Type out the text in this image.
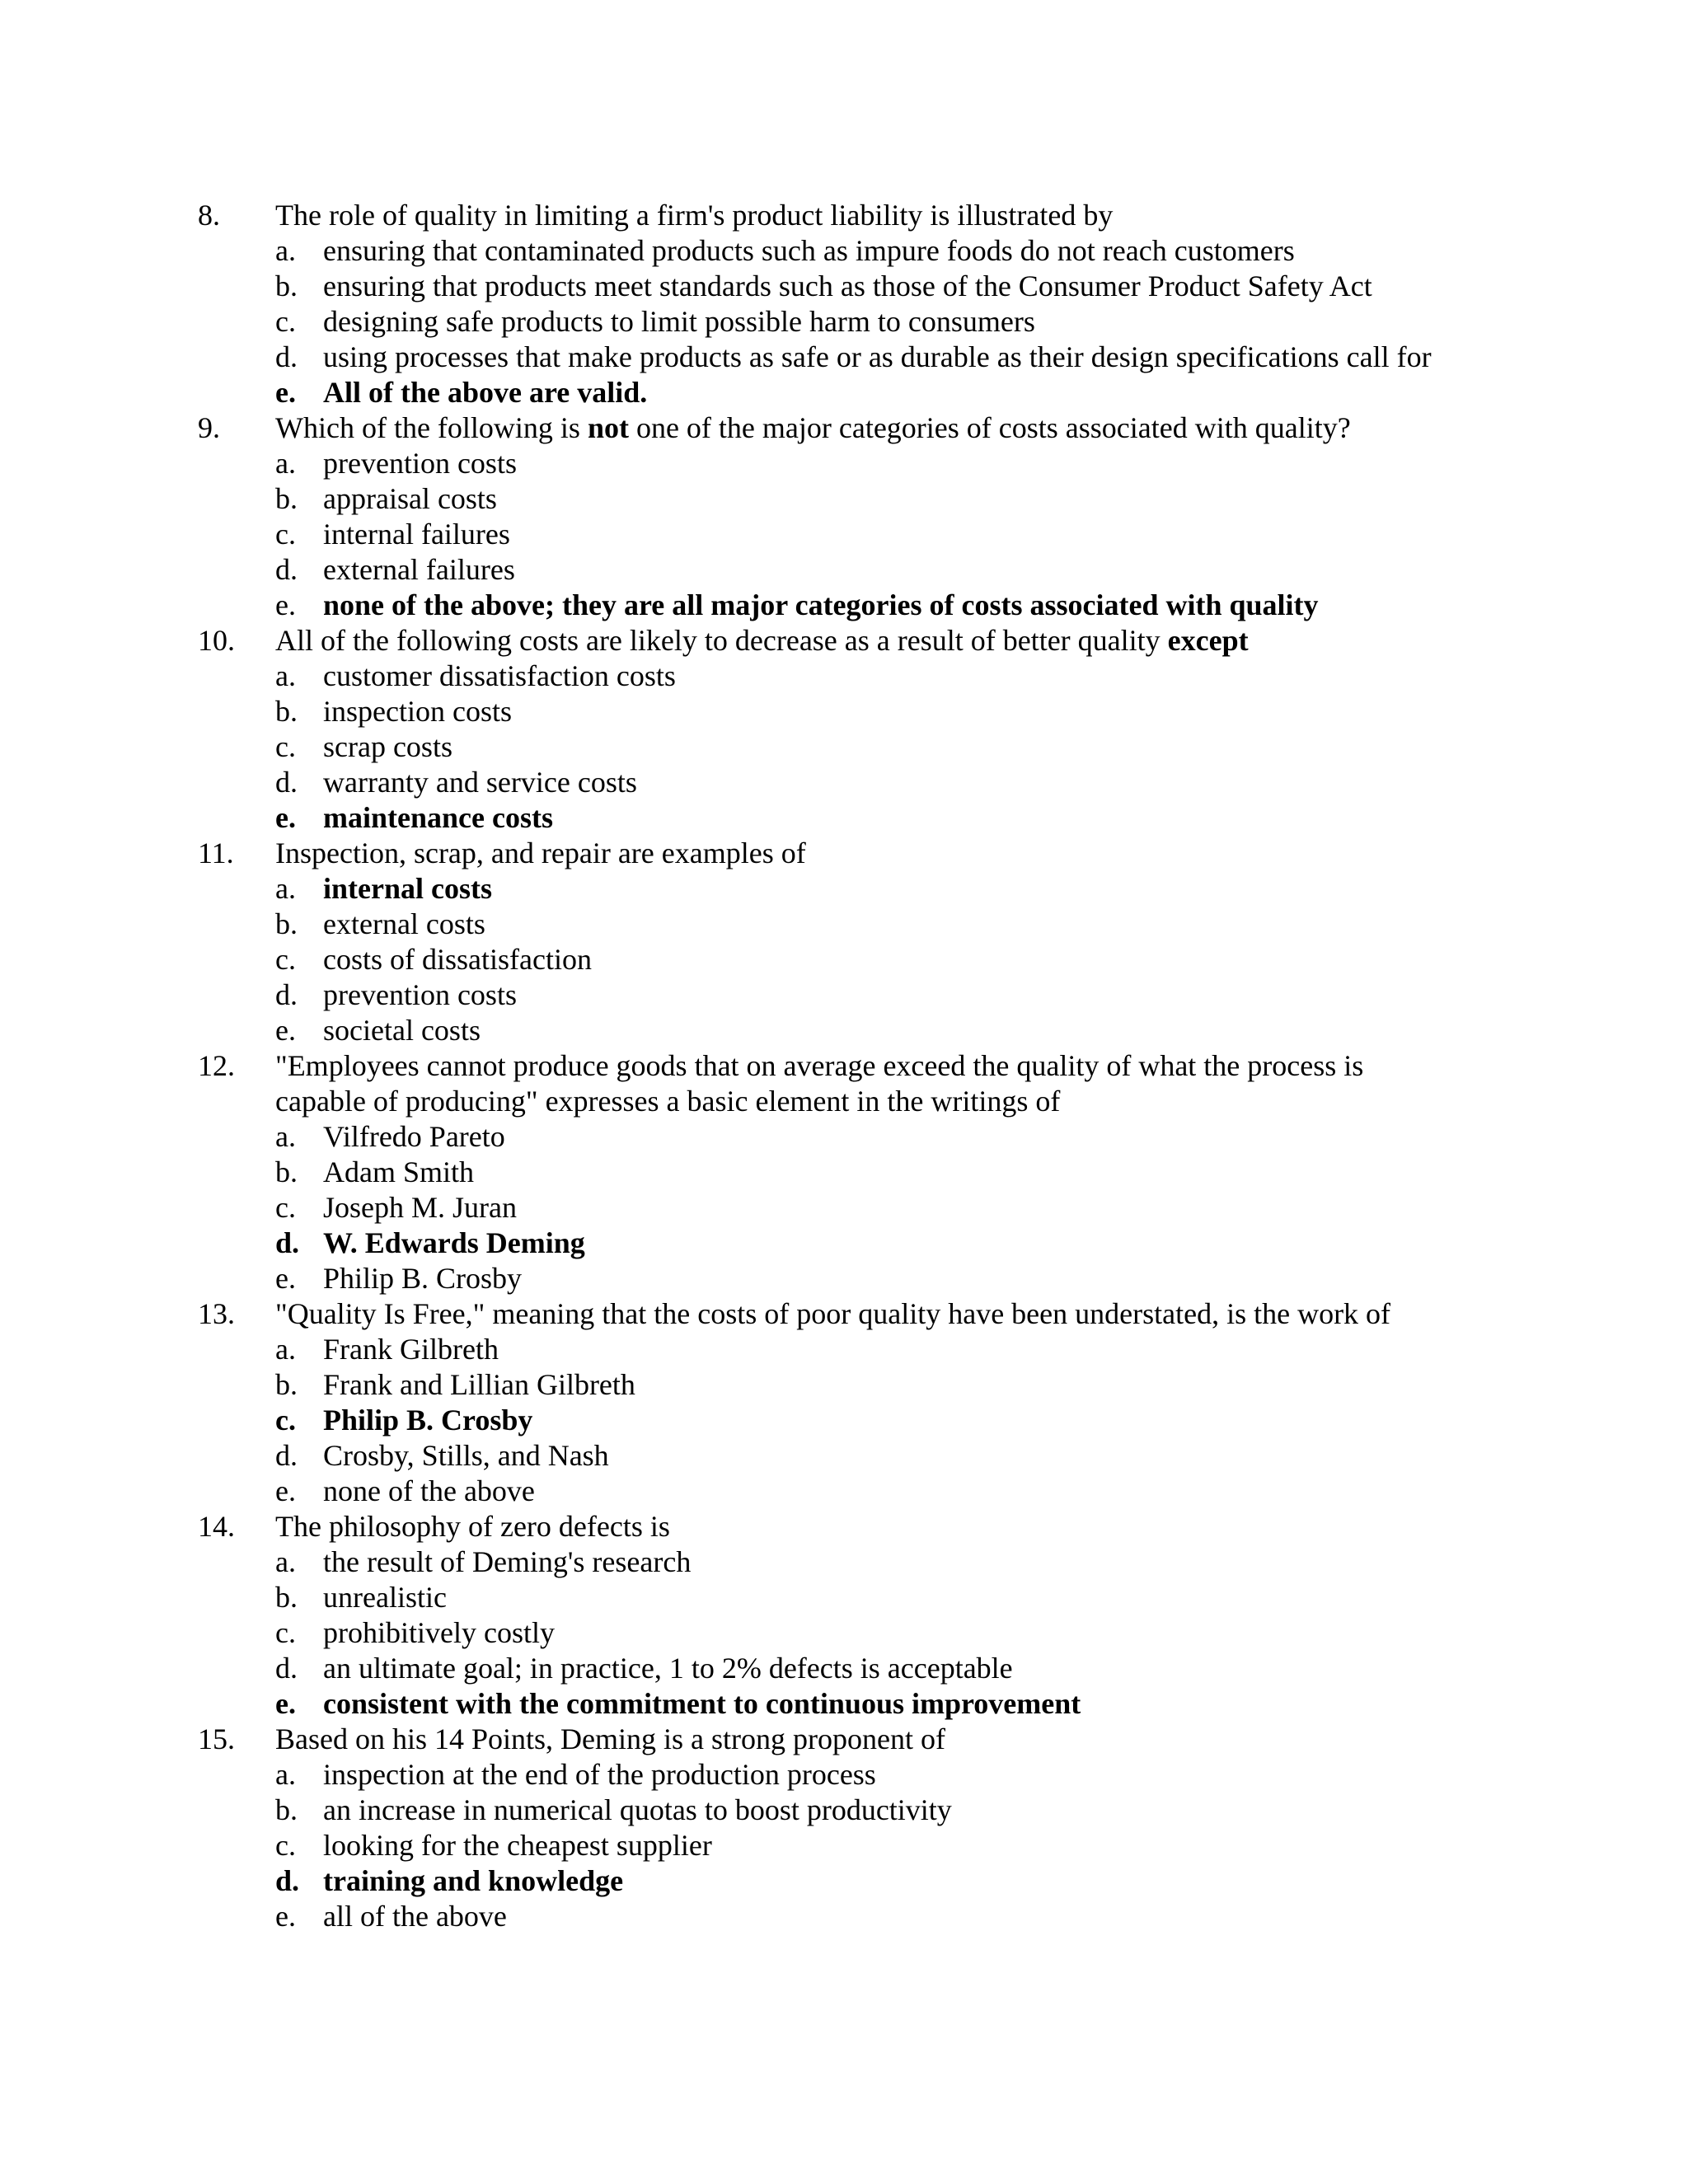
8.	The role of quality in limiting a firm's product liability is illustrated by
a. ensuring that contaminated products such as impure foods do not reach customers
b. ensuring that products meet standards such as those of the Consumer Product Safety Act
c. designing safe products to limit possible harm to consumers
d. using processes that make products as safe or as durable as their design specifications call for
e. All of the above are valid.
9.	Which of the following is not one of the major categories of costs associated with quality?
a. prevention costs
b. appraisal costs
c. internal failures
d. external failures
e. none of the above; they are all major categories of costs associated with quality
10.	All of the following costs are likely to decrease as a result of better quality except
a. customer dissatisfaction costs
b. inspection costs
c. scrap costs
d. warranty and service costs
e. maintenance costs
11.	Inspection, scrap, and repair are examples of
a. internal costs
b. external costs
c. costs of dissatisfaction
d. prevention costs
e. societal costs
12.	"Employees cannot produce goods that on average exceed the quality of what the process is
capable of producing" expresses a basic element in the writings of
a. Vilfredo Pareto
b. Adam Smith
c. Joseph M. Juran
d. W. Edwards Deming
e. Philip B. Crosby
13.	"Quality Is Free," meaning that the costs of poor quality have been understated, is the work of
a. Frank Gilbreth
b. Frank and Lillian Gilbreth
c. Philip B. Crosby
d. Crosby, Stills, and Nash
e. none of the above
14.	The philosophy of zero defects is
a. the result of Deming's research
b. unrealistic
c. prohibitively costly
d. an ultimate goal; in practice, 1 to 2% defects is acceptable
e. consistent with the commitment to continuous improvement
15.	Based on his 14 Points, Deming is a strong proponent of
a. inspection at the end of the production process
b. an increase in numerical quotas to boost productivity
c. looking for the cheapest supplier
d. training and knowledge
e. all of the above
